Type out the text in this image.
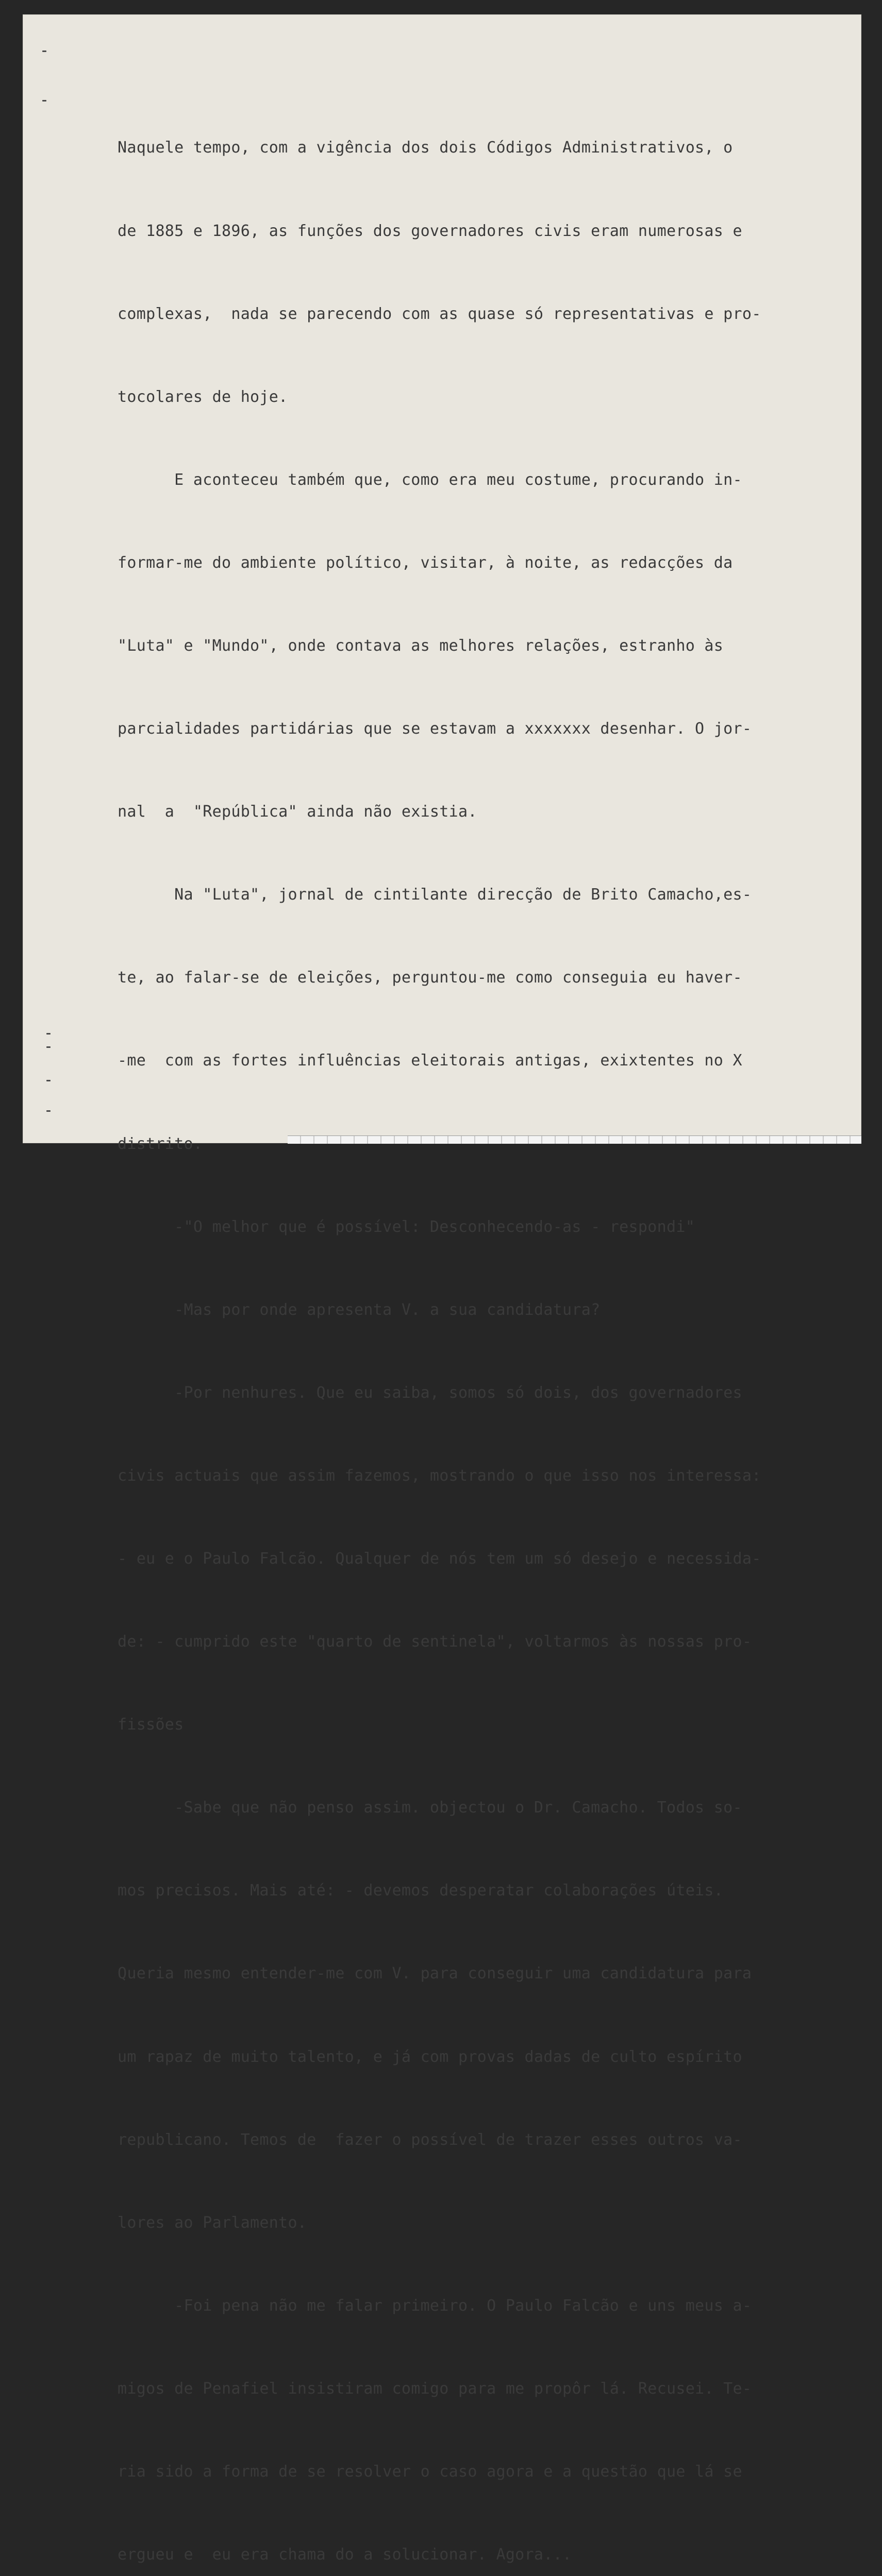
Naquele tempo, com a vigência dos dois Códigos Administrativos, o

de 1885 e 1896, as funções dos governadores civis eram numerosas e

complexas,  nada se parecendo com as quase só representativas e pro-

tocolares de hoje.

E aconteceu também que, como era meu costume, procurando in-

formar-me do ambiente político, visitar, à noite, as redacções da

"Luta" e "Mundo", onde contava as melhores relações, estranho às

parcialidades partidárias que se estavam a xxxxxxx desenhar. O jor-

nal  a  "República" ainda não existia.

Na "Luta", jornal de cintilante direcção de Brito Camacho,es-

te, ao falar-se de eleições, perguntou-me como conseguia eu haver-

-me  com as fortes influências eleitorais antigas, exixtentes no X

distrito.

-"O melhor que é possível: Desconhecendo-as - respondi"

-Mas por onde apresenta V. a sua candidatura?

-Por nenhures. Que eu saiba, somos só dois, dos governadores

civis actuais que assim fazemos, mostrando o que isso nos interessa:

- eu e o Paulo Falcão. Qualquer de nós tem um só desejo e necessida-

de: - cumprido este "quarto de sentinela", voltarmos às nossas pro-

fissões

-Sabe que não penso assim. objectou o Dr. Camacho. Todos so-

mos precisos. Mais até: - devemos desperatar colaborações úteis.

Queria mesmo entender-me com V. para conseguir uma candidatura para

um rapaz de muito talento, e já com provas dadas de culto espírito

republicano. Temos de  fazer o possível de trazer esses outros va-

lores ao Parlamento.

-Foi pena não me falar primeiro. O Paulo Falcão e uns meus a-

migos de Penafiel insistiram comigo para me propôr lá. Recusei. Te-

ria sido a forma de se resolver o caso agora e a questão que lá se

ergueu e  eu era chama do a solucionar. Agora...
